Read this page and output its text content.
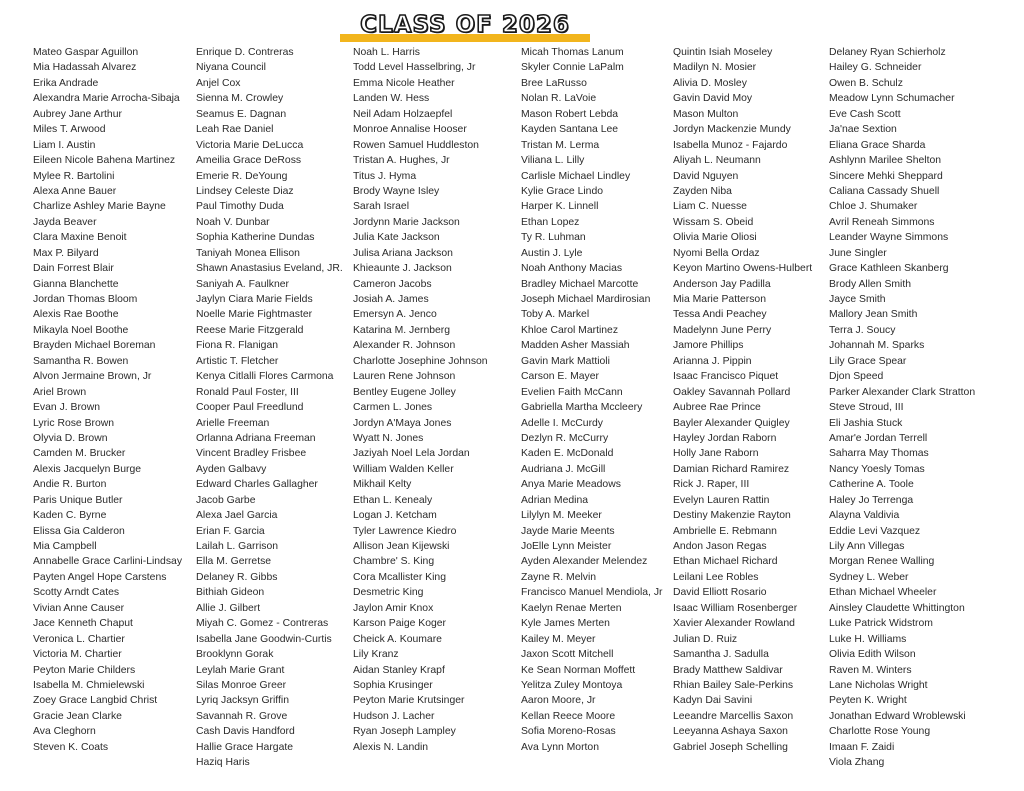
CLASS OF 2026
Mateo Gaspar Aguillon
Mia Hadassah Alvarez
Erika Andrade
Alexandra Marie Arrocha-Sibaja
Aubrey Jane Arthur
Miles T. Arwood
Liam I. Austin
Eileen Nicole Bahena Martinez
Mylee R. Bartolini
Alexa Anne Bauer
Charlize Ashley Marie Bayne
Jayda Beaver
Clara Maxine Benoit
Max P. Bilyard
Dain Forrest Blair
Gianna Blanchette
Jordan Thomas Bloom
Alexis Rae Boothe
Mikayla Noel Boothe
Brayden Michael Boreman
Samantha R. Bowen
Alvon Jermaine Brown, Jr
Ariel Brown
Evan J. Brown
Lyric Rose Brown
Olyvia D. Brown
Camden M. Brucker
Alexis Jacquelyn Burge
Andie R. Burton
Paris Unique Butler
Kaden C. Byrne
Elissa Gia Calderon
Mia Campbell
Annabelle Grace Carlini-Lindsay
Payten Angel Hope Carstens
Scotty Arndt Cates
Vivian Anne Causer
Jace Kenneth Chaput
Veronica L. Chartier
Victoria M. Chartier
Peyton Marie Childers
Isabella M. Chmielewski
Zoey Grace Langbid Christ
Gracie Jean Clarke
Ava Cleghorn
Steven K. Coats
Enrique D. Contreras
Niyana Council
Anjel Cox
Sienna M. Crowley
Seamus E. Dagnan
Leah Rae Daniel
Victoria Marie DeLucca
Ameilia Grace DeRoss
Emerie R. DeYoung
Lindsey Celeste Diaz
Paul Timothy Duda
Noah V. Dunbar
Sophia Katherine Dundas
Taniyah Monea Ellison
Shawn Anastasius Eveland, JR.
Saniyah A. Faulkner
Jaylyn Ciara Marie Fields
Noelle Marie Fightmaster
Reese Marie Fitzgerald
Fiona R. Flanigan
Artistic T. Fletcher
Kenya Citlalli Flores Carmona
Ronald Paul Foster, III
Cooper Paul Freedlund
Arielle Freeman
Orlanna Adriana Freeman
Vincent Bradley Frisbee
Ayden Galbavy
Edward Charles Gallagher
Jacob Garbe
Alexa Jael Garcia
Erian F. Garcia
Lailah L. Garrison
Ella M. Gerretse
Delaney R. Gibbs
Bithiah Gideon
Allie J. Gilbert
Miyah C. Gomez - Contreras
Isabella Jane Goodwin-Curtis
Brooklynn Gorak
Leylah Marie Grant
Silas Monroe Greer
Lyriq Jacksyn Griffin
Savannah R. Grove
Cash Davis Handford
Hallie Grace Hargate
Haziq Haris
Noah L. Harris
Todd Level Hasselbring, Jr
Emma Nicole Heather
Landen W. Hess
Neil Adam Holzaepfel
Monroe Annalise Hooser
Rowen Samuel Huddleston
Tristan A. Hughes, Jr
Titus J. Hyma
Brody Wayne Isley
Sarah Israel
Jordynn Marie Jackson
Julia Kate Jackson
Julisa Ariana Jackson
Khieaunte J. Jackson
Cameron Jacobs
Josiah A. James
Emersyn A. Jenco
Katarina M. Jernberg
Alexander R. Johnson
Charlotte Josephine Johnson
Lauren Rene Johnson
Bentley Eugene Jolley
Carmen L. Jones
Jordyn A'Maya Jones
Wyatt N. Jones
Jaziyah Noel Lela Jordan
William Walden Keller
Mikhail Kelty
Ethan L. Kenealy
Logan J. Ketcham
Tyler Lawrence Kiedro
Allison Jean Kijewski
Chambre' S. King
Cora Mcallister King
Desmetric King
Jaylon Amir Knox
Karson Paige Koger
Cheick A. Koumare
Lily Kranz
Aidan Stanley Krapf
Sophia Krusinger
Peyton Marie Krutsinger
Hudson J. Lacher
Ryan Joseph Lampley
Alexis N. Landin
Micah Thomas Lanum
Skyler Connie LaPalm
Bree LaRusso
Nolan R. LaVoie
Mason Robert Lebda
Kayden Santana Lee
Tristan M. Lerma
Viliana L. Lilly
Carlisle Michael Lindley
Kylie Grace Lindo
Harper K. Linnell
Ethan Lopez
Ty R. Luhman
Austin J. Lyle
Noah Anthony Macias
Bradley Michael Marcotte
Joseph Michael Mardirosian
Toby A. Markel
Khloe Carol Martinez
Madden Asher Massiah
Gavin Mark Mattioli
Carson E. Mayer
Evelien Faith McCann
Gabriella Martha Mccleery
Adelle I. McCurdy
Dezlyn R. McCurry
Kaden E. McDonald
Audriana J. McGill
Anya Marie Meadows
Adrian Medina
Lilylyn M. Meeker
Jayde Marie Meents
JoElle Lynn Meister
Ayden Alexander Melendez
Zayne R. Melvin
Francisco Manuel Mendiola, Jr
Kaelyn Renae Merten
Kyle James Merten
Kailey M. Meyer
Jaxon Scott Mitchell
Ke Sean Norman Moffett
Yelitza Zuley Montoya
Aaron Moore, Jr
Kellan Reece Moore
Sofia Moreno-Rosas
Ava Lynn Morton
Quintin Isiah Moseley
Madilyn N. Mosier
Alivia D. Mosley
Gavin David Moy
Mason Multon
Jordyn Mackenzie Mundy
Isabella Munoz - Fajardo
Aliyah L. Neumann
David Nguyen
Zayden Niba
Liam C. Nuesse
Wissam S. Obeid
Olivia Marie Oliosi
Nyomi Bella Ordaz
Keyon Martino Owens-Hulbert
Anderson Jay Padilla
Mia Marie Patterson
Tessa Andi Peachey
Madelynn June Perry
Jamore Phillips
Arianna J. Pippin
Isaac Francisco Piquet
Oakley Savannah Pollard
Aubree Rae Prince
Bayler Alexander Quigley
Hayley Jordan Raborn
Holly Jane Raborn
Damian Richard Ramirez
Rick J. Raper, III
Evelyn Lauren Rattin
Destiny Makenzie Rayton
Ambrielle E. Rebmann
Andon Jason Regas
Ethan Michael Richard
Leilani Lee Robles
David Elliott Rosario
Isaac William Rosenberger
Xavier Alexander Rowland
Julian D. Ruiz
Samantha J. Sadulla
Brady Matthew Saldivar
Rhian Bailey Sale-Perkins
Kadyn Dai Savini
Leeandre Marcellis Saxon
Leeyanna Ashaya Saxon
Gabriel Joseph Schelling
Delaney Ryan Schierholz
Hailey G. Schneider
Owen B. Schulz
Meadow Lynn Schumacher
Eve Cash Scott
Ja'nae Sextion
Eliana Grace Sharda
Ashlynn Marilee Shelton
Sincere Mehki Sheppard
Caliana Cassady Shuell
Chloe J. Shumaker
Avril Reneah Simmons
Leander Wayne Simmons
June Singler
Grace Kathleen Skanberg
Brody Allen Smith
Jayce Smith
Mallory Jean Smith
Terra J. Soucy
Johannah M. Sparks
Lily Grace Spear
Djon Speed
Parker Alexander Clark Stratton
Steve Stroud, III
Eli Jashia Stuck
Amar'e Jordan Terrell
Saharra May Thomas
Nancy Yoesly Tomas
Catherine A. Toole
Haley Jo Terrenga
Alayna Valdivia
Eddie Levi Vazquez
Lily Ann Villegas
Morgan Renee Walling
Sydney L. Weber
Ethan Michael Wheeler
Ainsley Claudette Whittington
Luke Patrick Widstrom
Luke H. Williams
Olivia Edith Wilson
Raven M. Winters
Lane Nicholas Wright
Peyten K. Wright
Jonathan Edward Wroblewski
Charlotte Rose Young
Imaan F. Zaidi
Viola Zhang
